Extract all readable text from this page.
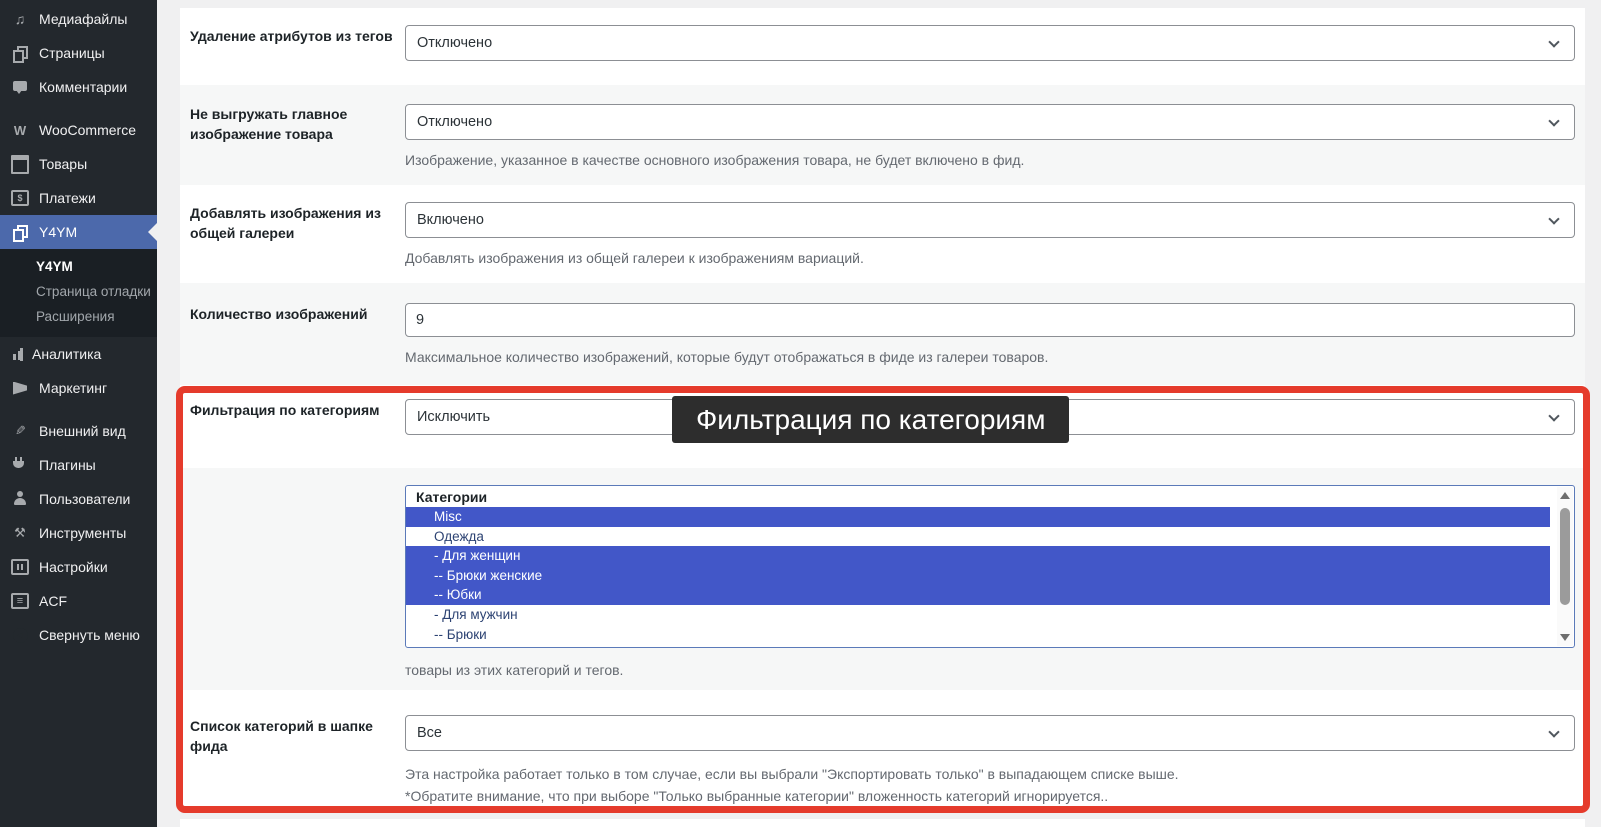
♫
Медиафайлы
Страницы
Комментарии
W
WooCommerce
Товары
$
Платежи
Y4YM
Y4YM
Страница отладки
Расширения
Аналитика
Маркетинг
✎
Внешний вид
Плагины
Пользователи
⚒
Инструменты
Настройки
≡
ACF
◀
Свернуть меню
Удаление атрибутов из тегов	Отключено
Не выгружать главное изображение товара
Отключено
Изображение, указанное в качестве основного изображения товара, не будет включено в фид.
Добавлять изображения из общей галереи
Включено
Добавлять изображения из общей галереи к изображениям вариаций.
Количество изображений
9
Максимальное количество изображений, которые будут отображаться в фиде из галереи товаров.
Фильтрация по категориям	Исключить
Категории
Misc
Одежда
- Для женщин
-- Брюки женские
-- Юбки
- Для мужчин
-- Брюки
товары из этих категорий и тегов.
Список категорий в шапке фида
Все
Эта настройка работает только в том случае, если вы выбрали "Экспортировать только" в выпадающем списке выше.
*Обратите внимание, что при выборе "Только выбранные категории" вложенность категорий игнорируется..
Фильтрация по категориям
